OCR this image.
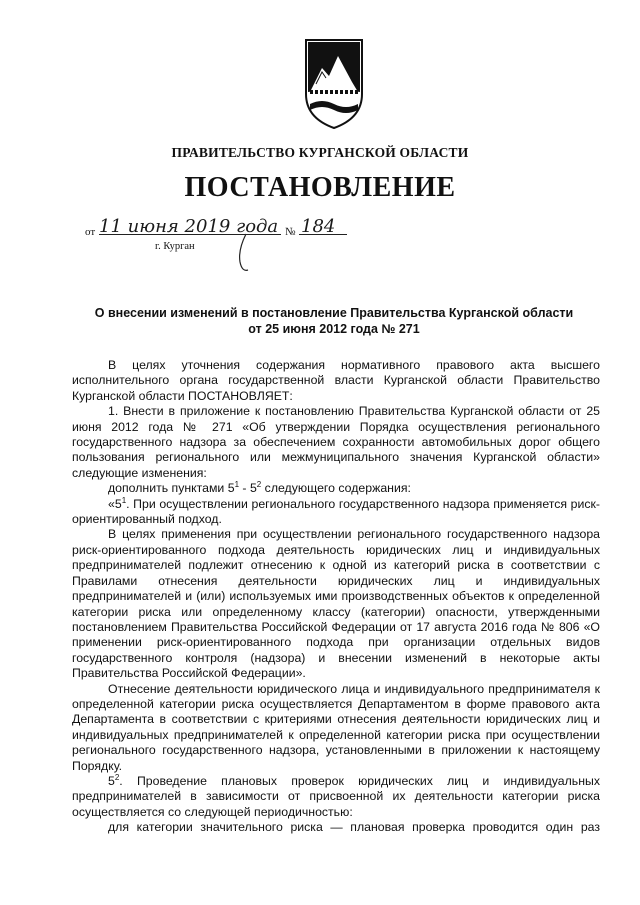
ПРАВИТЕЛЬСТВО КУРГАНСКОЙ ОБЛАСТИ
ПОСТАНОВЛЕНИЕ
от 11 июня 2019 года № 184
г. Курган
О внесении изменений в постановление Правительства Курганской области
от 25 июня 2012 года № 271

В целях уточнения содержания нормативного правового акта высшего исполнительного органа государственной власти Курганской области Правительство Курганской области ПОСТАНОВЛЯЕТ:

1. Внести в приложение к постановлению Правительства Курганской области от 25 июня 2012 года № 271 «Об утверждении Порядка осуществления регионального государственного надзора за обеспечением сохранности автомобильных дорог общего пользования регионального или межмуниципального значения Курганской области» следующие изменения:

дополнить пунктами $5^1 - 5^2$ следующего содержания:

«$5^1$. При осуществлении регионального государственного надзора применяется риск-ориентированный подход.

В целях применения при осуществлении регионального государственного надзора риск-ориентированного подхода деятельность юридических лиц и индивидуальных предпринимателей подлежит отнесению к одной из категорий риска в соответствии с Правилами отнесения деятельности юридических лиц и индивидуальных предпринимателей и (или) используемых ими производственных объектов к определенной категории риска или определенному классу (категории) опасности, утвержденными постановлением Правительства Российской Федерации от 17 августа 2016 года № 806 «О применении риск-ориентированного подхода при организации отдельных видов государственного контроля (надзора) и внесении изменений в некоторые акты Правительства Российской Федерации».

Отнесение деятельности юридического лица и индивидуального предпринимателя к определенной категории риска осуществляется Департаментом в форме правового акта Департамента в соответствии с критериями отнесения деятельности юридических лиц и индивидуальных предпринимателей к определенной категории риска при осуществлении регионального государственного надзора, установленными в приложении к настоящему Порядку.

$5^2$. Проведение плановых проверок юридических лиц и индивидуальных предпринимателей в зависимости от присвоенной их деятельности категории риска осуществляется со следующей периодичностью:

для категории значительного риска — плановая проверка проводится один раз
